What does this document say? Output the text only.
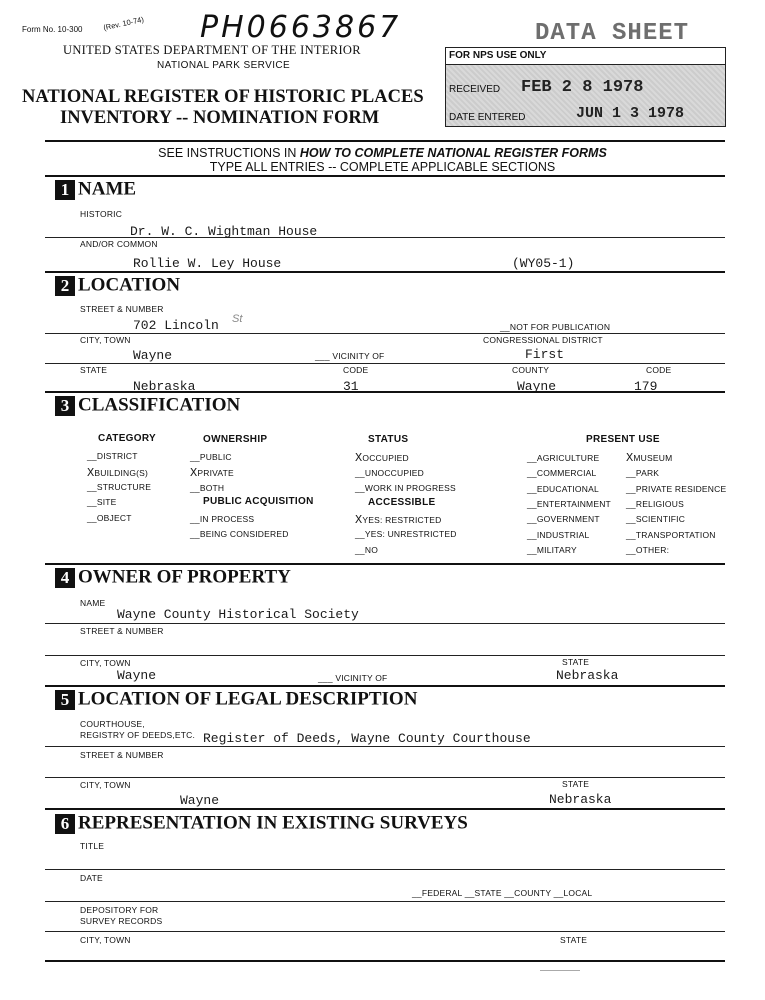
Form No. 10-300	(Rev. 10-74) PH0663867	DATA SHEET
UNITED STATES DEPARTMENT OF THE INTERIOR
NATIONAL PARK SERVICE
NATIONAL REGISTER OF HISTORIC PLACES
INVENTORY -- NOMINATION FORM
FOR NPS USE ONLY
RECEIVED FEB 2 8 1978
DATE ENTERED	JUN 1 3 1978
SEE INSTRUCTIONS IN HOW TO COMPLETE NATIONAL REGISTER FORMS
TYPE ALL ENTRIES -- COMPLETE APPLICABLE SECTIONS
1 NAME
HISTORIC
Dr. W. C. Wightman House
AND/OR COMMON
Rollie W. Ley House	(WY05-1)
2 LOCATION
STREET & NUMBER
702 Lincoln St
__NOT FOR PUBLICATION
CITY, TOWN	CONGRESSIONAL DISTRICT
Wayne	___ VICINITY OF	First
STATE	CODE	COUNTY	CODE
Nebraska	31	Wayne	179
3 CLASSIFICATION
CATEGORY	OWNERSHIP	STATUS	PRESENT USE
__DISTRICT
XBUILDING(S)
__STRUCTURE
__SITE
__OBJECT
__PUBLIC
XPRIVATE
__BOTH
PUBLIC ACQUISITION
__IN PROCESS
__BEING CONSIDERED
XOCCUPIED
__UNOCCUPIED
__WORK IN PROGRESS
ACCESSIBLE
XYES: RESTRICTED
__YES: UNRESTRICTED
__NO
__AGRICULTURE
__COMMERCIAL
__EDUCATIONAL
__ENTERTAINMENT
__GOVERNMENT
__INDUSTRIAL
__MILITARY
XMUSEUM
__PARK
__PRIVATE RESIDENCE
__RELIGIOUS
__SCIENTIFIC
__TRANSPORTATION
__OTHER:
4 OWNER OF PROPERTY
NAME
Wayne County Historical Society
STREET & NUMBER
CITY, TOWN	STATE
Wayne	___ VICINITY OF	Nebraska
5 LOCATION OF LEGAL DESCRIPTION
COURTHOUSE,
REGISTRY OF DEEDS,ETC. Register of Deeds, Wayne County Courthouse
STREET & NUMBER
CITY, TOWN	STATE
Wayne	Nebraska
6 REPRESENTATION IN EXISTING SURVEYS
TITLE
DATE
__FEDERAL __STATE __COUNTY __LOCAL
DEPOSITORY FOR
SURVEY RECORDS
CITY, TOWN	STATE
